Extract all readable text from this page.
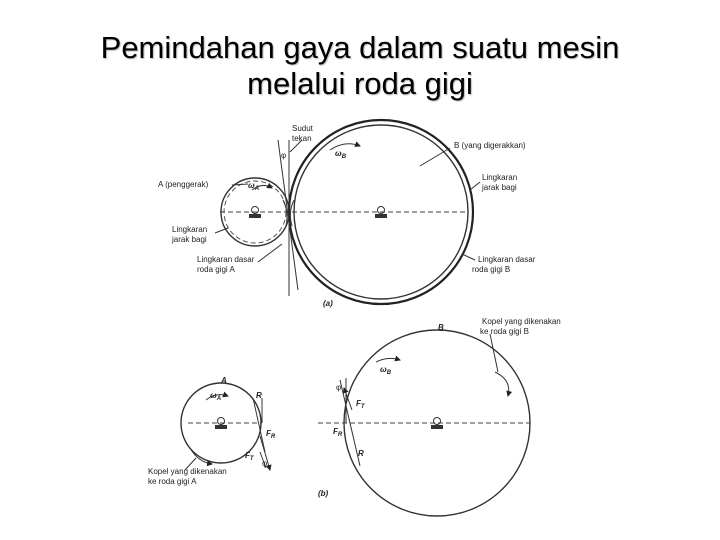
Pemindahan gaya dalam suatu mesin
melalui roda gigi
Sudut
tekan
φ	$\omega_B$
B (yang digerakkan)
A (penggerak)	$\omega_A$
Lingkaran
jarak bagi
Lingkaran
jarak bagi
Lingkaran dasar
roda gigi A
Lingkaran dasar
roda gigi B
(a)
B
Kopel yang dikenakan
ke roda gigi B
$\omega_B$
A
$\omega_A$	R
$F_R$
$F_T$ φ
φ
$F_T$
$F_R$
R
Kopel yang dikenakan
ke roda gigi A
(b)
